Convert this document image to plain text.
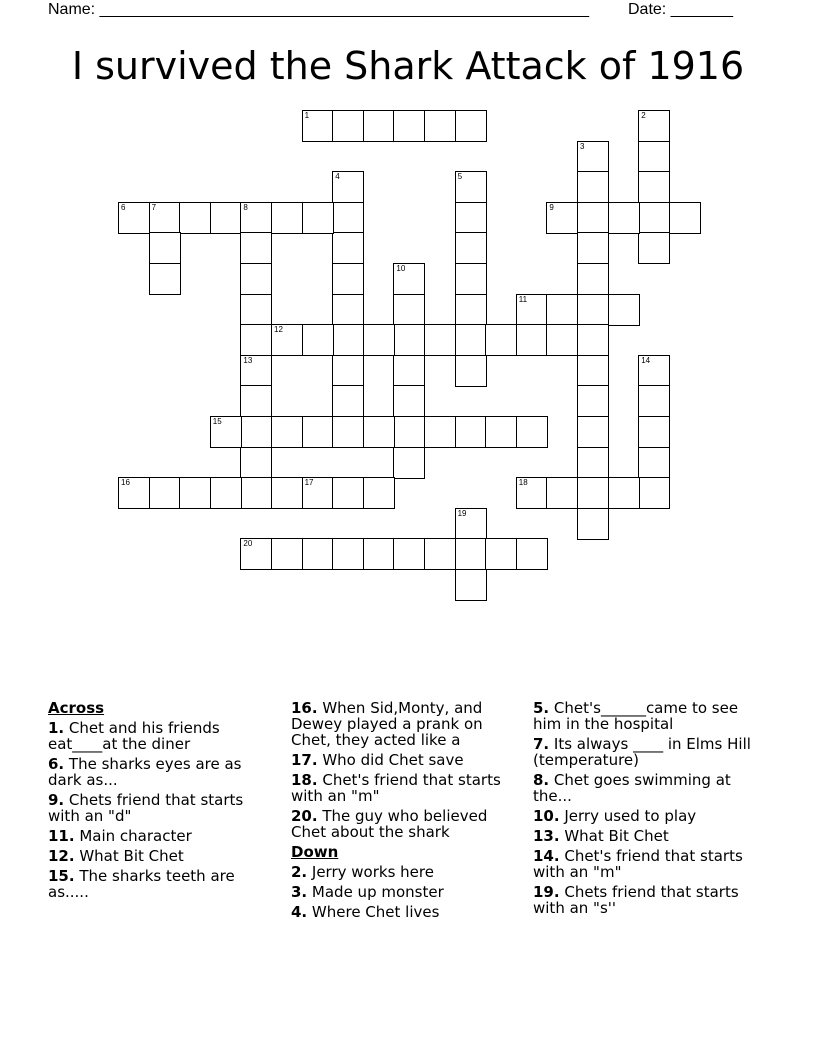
Name: _______________________________________________________ Date: _______
I survived the Shark Attack of 1916
1	2
3
4	5
6	7	8	9
10
11
12
13	14
15
16	17	18
19
20
Across
1. Chet and his friends eat____at the diner
6. The sharks eyes are as dark as...
9. Chets friend that starts with an "d"
11. Main character
12. What Bit Chet
15. The sharks teeth are as.....
16. When Sid,Monty, and Dewey played a prank on Chet, they acted like a
17. Who did Chet save
18. Chet's friend that starts with an "m"
20. The guy who believed Chet about the shark
Down
2. Jerry works here
3. Made up monster
4. Where Chet lives
5. Chet's______came to see him in the hospital
7. Its always ____ in Elms Hill (temperature)
8. Chet goes swimming at the...
10. Jerry used to play
13. What Bit Chet
14. Chet's friend that starts with an "m"
19. Chets friend that starts with an "s''
